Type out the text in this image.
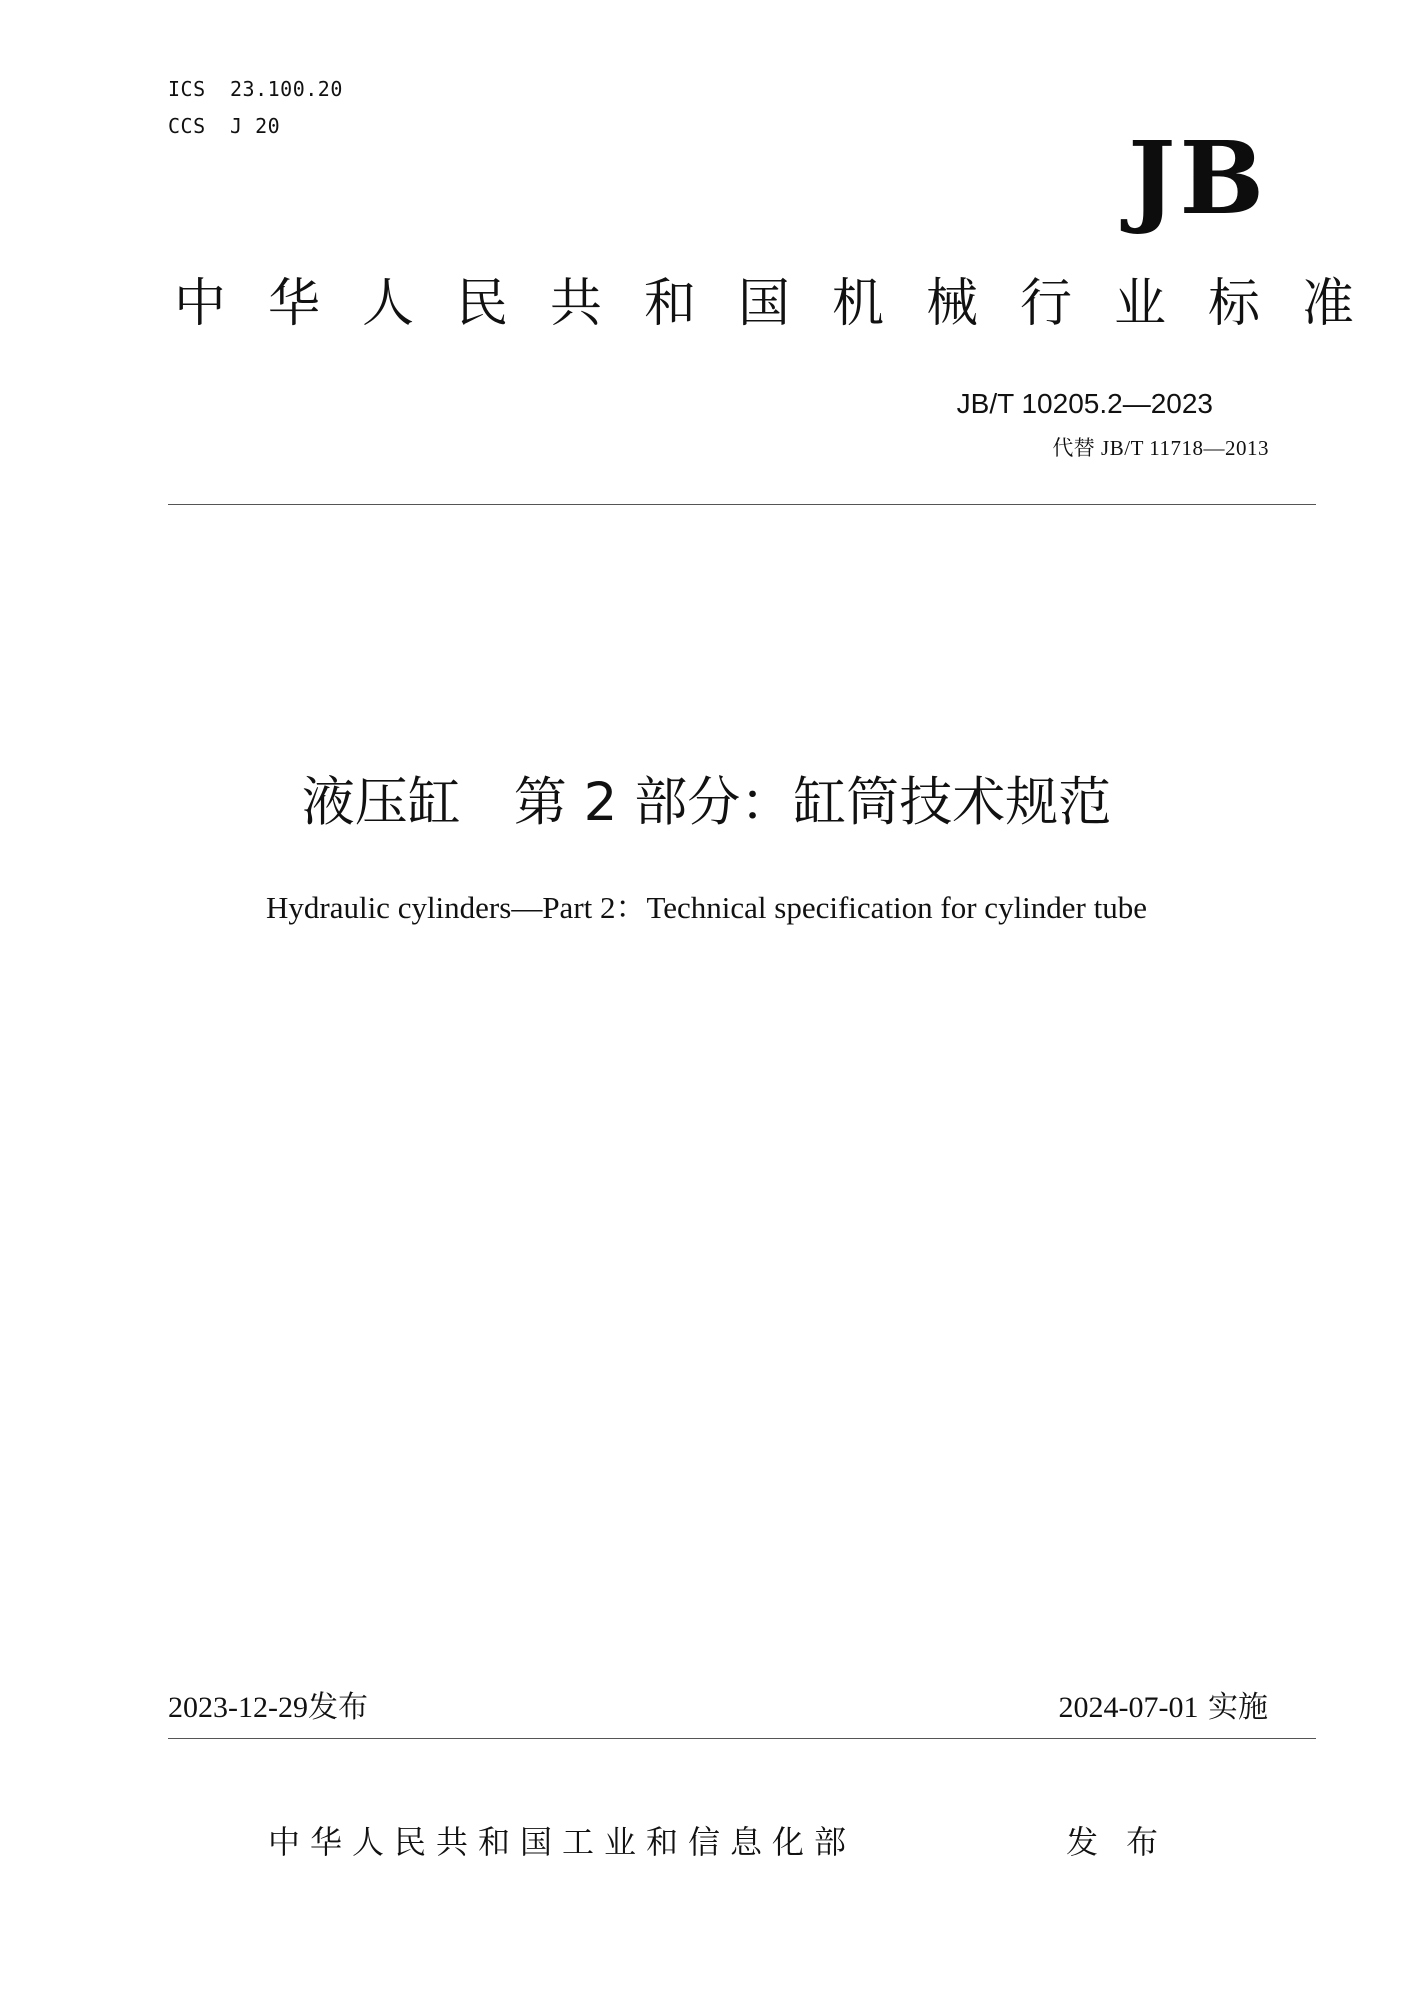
ICS 23.100.20
CCS J 20	JB
中华人民共和国机械行业标准
JB/T 10205.2—2023
代替 JB/T 11718—2013
液压缸　第 2 部分：缸筒技术规范
Hydraulic cylinders—Part 2：Technical specification for cylinder tube
2023-12-29发布	2024-07-01 实施
中华人民共和国工业和信息化部	发布
